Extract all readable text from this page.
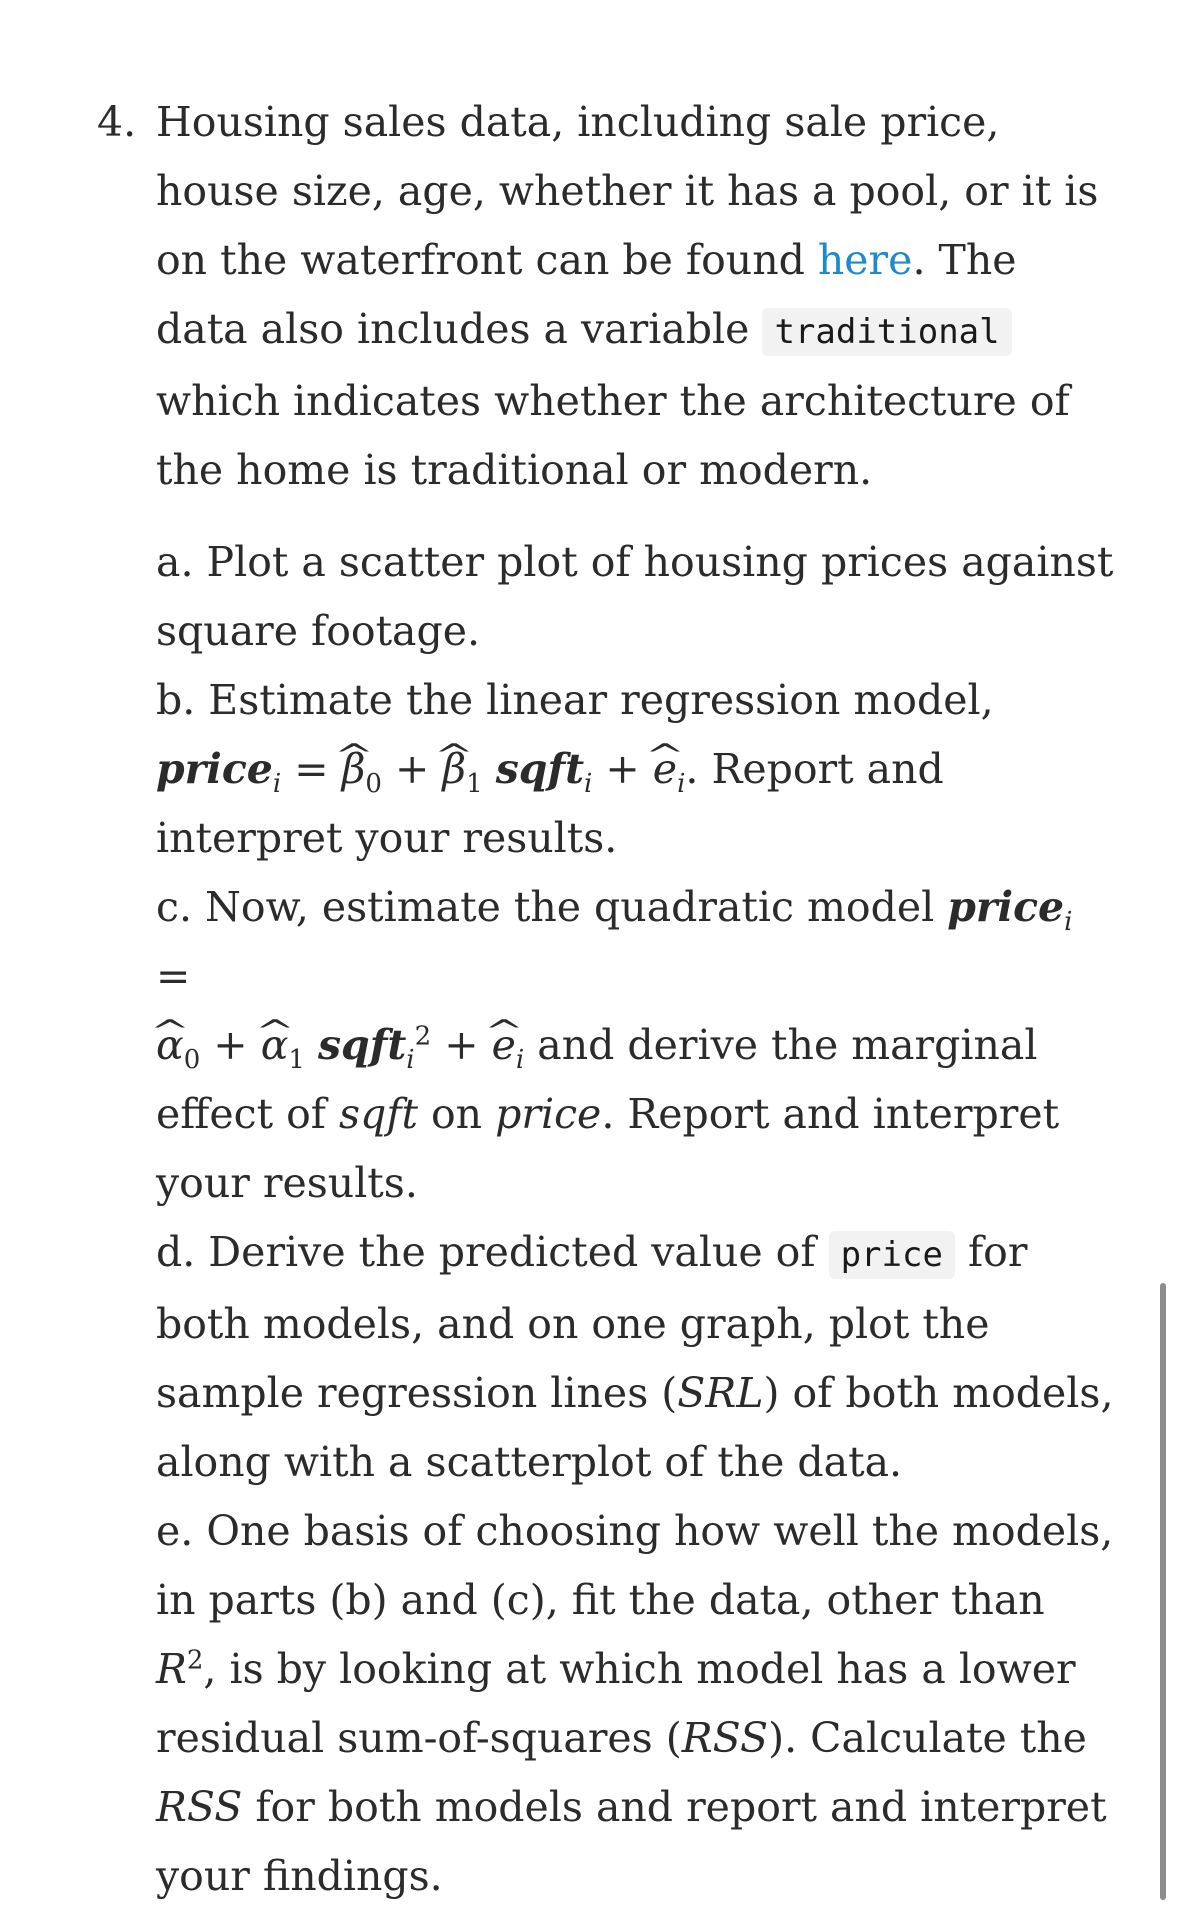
4. Housing sales data, including sale price, house size, age, whether it has a pool, or it is on the waterfront can be found here. The data also includes a variable traditional which indicates whether the architecture of the home is traditional or modern.
a. Plot a scatter plot of housing prices against square footage.
b. Estimate the linear regression model,
price$_i$ = ^ $\beta_0$ + ^ $\beta_1$ sqft$_i$ + ^ $e_i$. Report and interpret your results.
c. Now, estimate the quadratic model price$_i$ =
^ $\alpha_0$ + ^ $\alpha_1$ sqft$_i^2$ + ^ $e_i$ and derive the marginal effect of sqft on price. Report and interpret your results.
d. Derive the predicted value of price for both models, and on one graph, plot the sample regression lines (SRL) of both models, along with a scatterplot of the data.
e. One basis of choosing how well the models, in parts (b) and (c), fit the data, other than $R^2$, is by looking at which model has a lower residual sum-of-squares (RSS). Calculate the RSS for both models and report and interpret your findings.
